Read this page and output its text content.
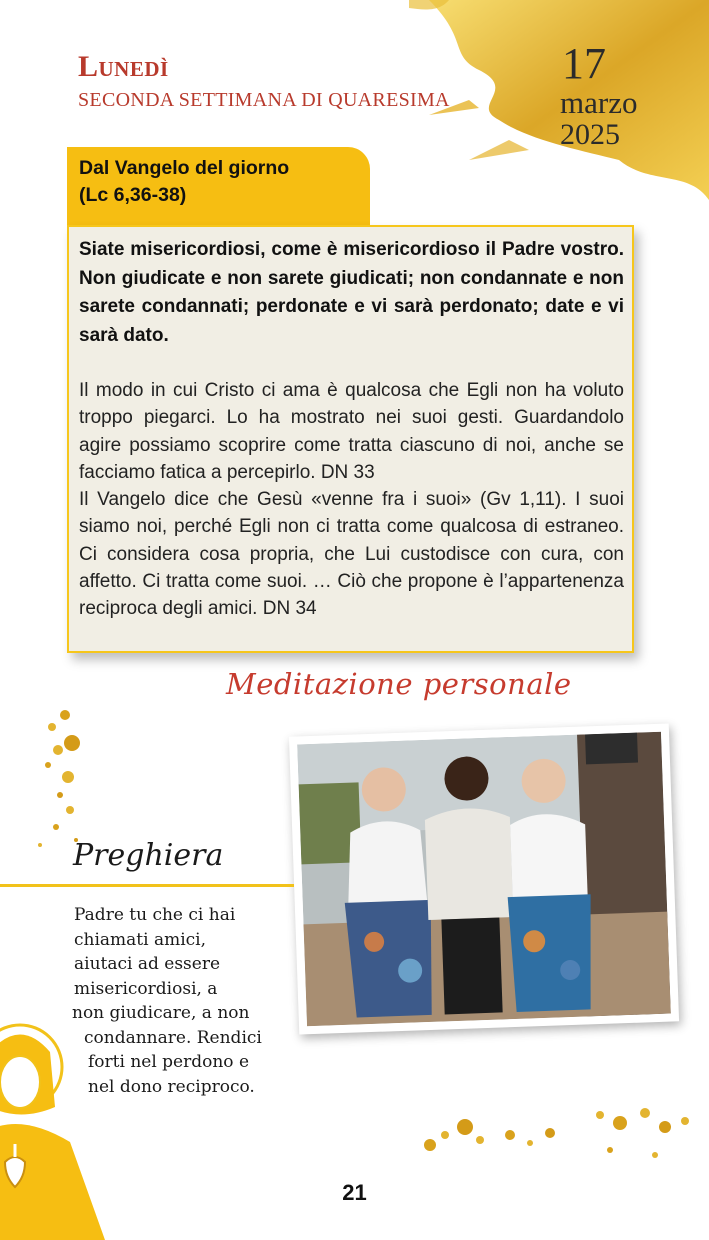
Lunedì
SECONDA SETTIMANA DI QUARESIMA
17
marzo
2025
Dal Vangelo del giorno
(Lc 6,36-38)
Siate misericordiosi, come è misericordioso il Padre vostro. Non giudicate e non sarete giudicati; non condannate e non sarete condannati; perdonate e vi sarà perdonato; date e vi sarà dato.

Il modo in cui Cristo ci ama è qualcosa che Egli non ha voluto troppo piegarci. Lo ha mostrato nei suoi gesti. Guardandolo agire possiamo scoprire come tratta ciascuno di noi, anche se facciamo fatica a percepirlo. DN 33

Il Vangelo dice che Gesù «venne fra i suoi» (Gv 1,11). I suoi siamo noi, perché Egli non ci tratta come qualcosa di estraneo. Ci considera cosa propria, che Lui custodisce con cura, con affetto. Ci tratta come suoi. … Ciò che propone è l’appartenenza reciproca degli amici. DN 34

Meditazione personale
Preghiera
Padre tu che ci hai
chiamati amici,
aiutaci ad essere
misericordiosi, a
non giudicare, a non
condannare. Rendici
forti nel perdono e
nel dono reciproco.
21
